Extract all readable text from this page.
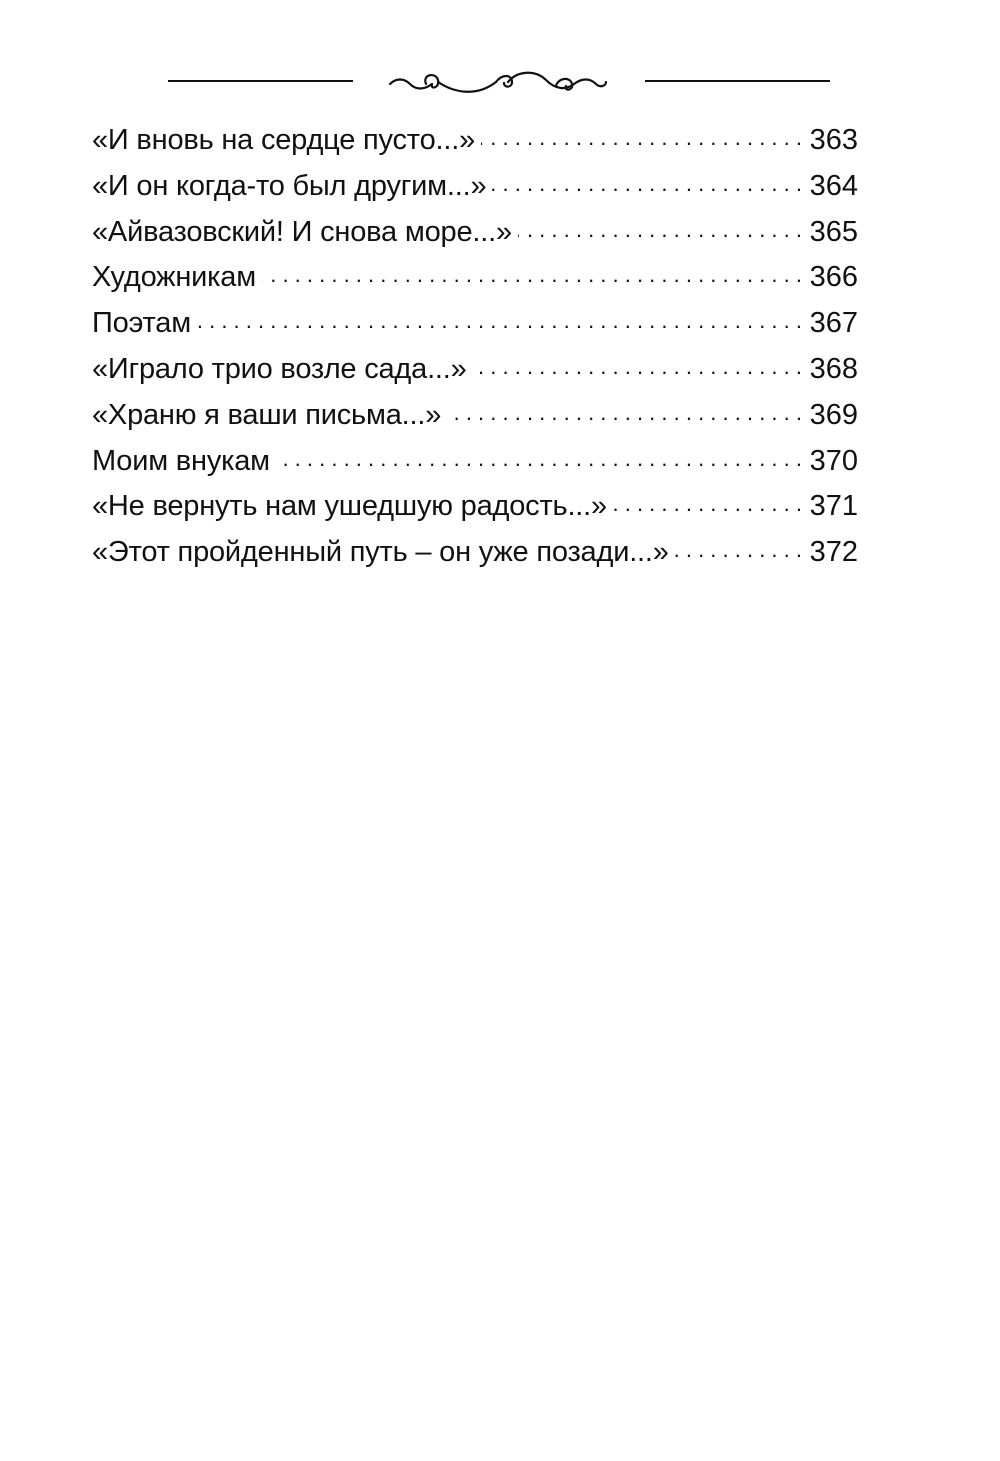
«И вновь на сердце пусто...» . . .	363
«И он когда-то был другим...» . . .	364
«Айвазовский! И снова море...» . . .	365
Художникам . . .	366
Поэтам . . .	367
«Играло трио возле сада...» . . .	368
«Храню я ваши письма...» . . .	369
Моим внукам . . .	370
«Не вернуть нам ушедшую радость...» . . .	371
«Этот пройденный путь – он уже позади...» . . .	372
